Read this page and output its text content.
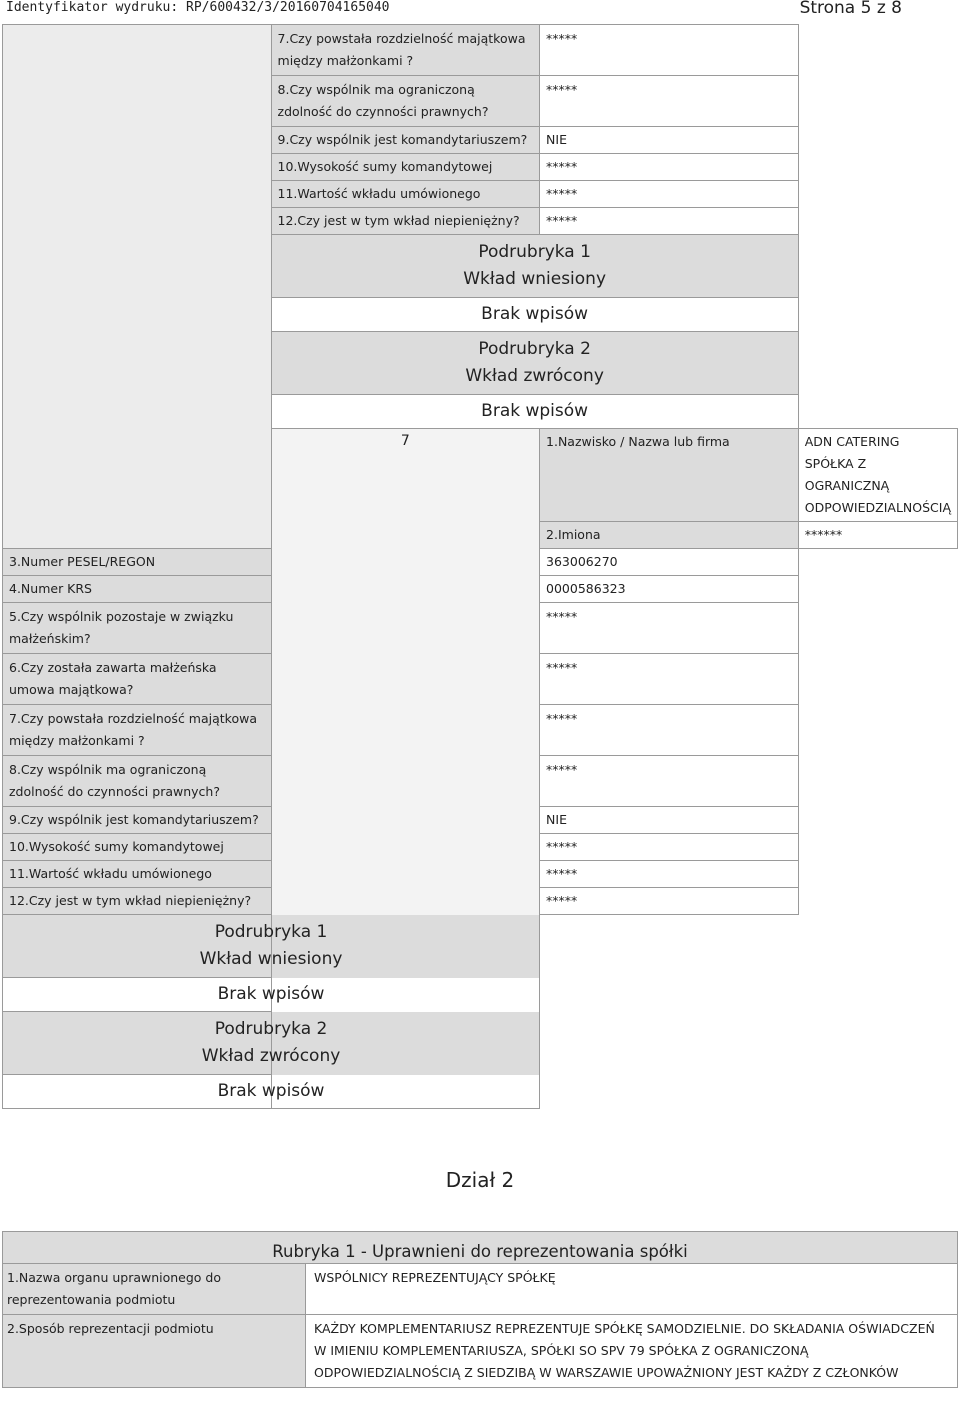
Identyfikator wydruku: RP/600432/3/20160704165040	Strona 5 z 8
	7.Czy powstała rozdzielność majątkowa między małżonkami ?	*****	
	8.Czy wspólnik ma ograniczoną zdolność do czynności prawnych?	*****	
	9.Czy wspólnik jest komandytariuszem?	NIE	
	10.Wysokość sumy komandytowej	*****	
	11.Wartość wkładu umówionego	*****	
	12.Czy jest w tym wkład niepieniężny?	*****	

	Podrubryka 1
Wkład wniesiony		

	Brak wpisów		

	Podrubryka 2
Wkład zwrócony		

	Brak wpisów		
	7	1.Nazwisko / Nazwa lub firma	ADN CATERING SPÓŁKA Z OGRANICZNĄ ODPOWIEDZIALNOŚCIĄ
		2.Imiona	******
3.Numer PESEL/REGON		363006270	
4.Numer KRS		0000586323	
5.Czy wspólnik pozostaje w związku małżeńskim?		*****	
6.Czy została zawarta małżeńska umowa majątkowa?		*****	
7.Czy powstała rozdzielność majątkowa między małżonkami ?		*****	
8.Czy wspólnik ma ograniczoną zdolność do czynności prawnych?		*****	
9.Czy wspólnik jest komandytariuszem?		NIE	
10.Wysokość sumy komandytowej		*****	
11.Wartość wkładu umówionego		*****	
12.Czy jest w tym wkład niepieniężny?		*****	

Podrubryka 1
Wkład wniesiony			

Brak wpisów			

Podrubryka 2
Wkład zwrócony			

Brak wpisów			
Dział 2
Rubryka 1 - Uprawnieni do reprezentowania spółki	
1.Nazwa organu uprawnionego do reprezentowania podmiotu	WSPÓLNICY REPREZENTUJĄCY SPÓŁKĘ
2.Sposób reprezentacji podmiotu	KAŻDY KOMPLEMENTARIUSZ REPREZENTUJE SPÓŁKĘ SAMODZIELNIE. DO SKŁADANIA OŚWIADCZEŃ W IMIENIU KOMPLEMENTARIUSZA, SPÓŁKI SO SPV 79 SPÓŁKA Z OGRANICZONĄ ODPOWIEDZIALNOŚCIĄ Z SIEDZIBĄ W WARSZAWIE UPOWAŻNIONY JEST KAŻDY Z CZŁONKÓW
